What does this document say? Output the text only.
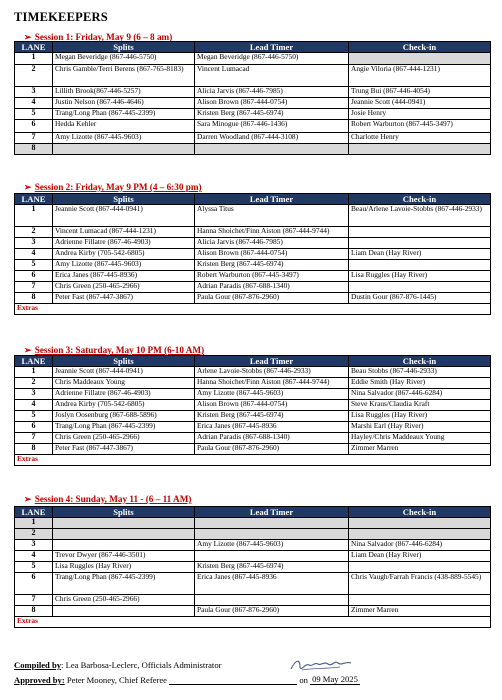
TIMEKEEPERS
➢ Session 1: Friday, May 9 (6 – 8 am)
LANE	Splits	Lead Timer	Check-in
1	Megan Beveridge (867-446-5750)	Megan Beveridge (867-446-5750)	
2	Chris Gamble/Terri Berens (867-765-8183)	Vincent Lumacad	Angie Viloria (867-444-1231)
3	Lillith Brook(867-446-5257)	Alicia Jarvis (867-446-7985)	Trung Bui (867-446-4054)
4	Justin Nelson (867-446-4646)	Alison Brown (867-444-0754)	Jeannie Scott (444-0941)
5	Trang/Long Phan (867-445-2399)	Kristen Berg (867-445-6974)	Josie Henry
6	Hedda Kehler	Sara Minogue (867-446-1436)	Robert Warburton (867-445-3497)
7	Amy Lizotte (867-445-9603)	Darren Woodland (867-444-3108)	Charlotte Henry
8			
➢ Session 2: Friday, May 9 PM (4 – 6:30 pm)
LANE	Splits	Lead Timer	Check-in
1	Jeannie Scott (867-444-0941)	Alyssa Titus	Beau/Arlene Lavoie-Stobbs (867-446-2933)
2	Vincent Lumacad (867-444-1231)	Hanna Shoichet/Finn Aiston (867-444-9744)	
3	Adrienne Fillatre (867-46-4903)	Alicia Jarvis (867-446-7985)	
4	Andrea Kirby (705-542-6805)	Alison Brown (867-444-0754)	Liam Dean (Hay River)
5	Amy Lizotte (867-445-9603)	Kristen Berg (867-445-6974)	
6	Erica Janes (867-445-8936)	Robert Warburton (867-445-3497)	Lisa Ruggles (Hay River)
7	Chris Green (250-465-2966)	Adrian Paradis (867-688-1340)	
8	Peter Fast (867-447-3867)	Paula Gour (867-876-2960)	Dustin Gour (867-876-1445)
Extras			
➢ Session 3: Saturday, May 10 PM (6-10 AM)
LANE	Splits	Lead Timer	Check-in
1	Jeannie Scott (867-444-0941)	Arlene Lavoie-Stobbs (867-446-2933)	Beau Stobbs (867-446-2933)
2	Chris Maddeaux Young	Hanna Shoichet/Finn Aiston (867-444-9744)	Eddie Smith (Hay River)
3	Adrienne Fillatre (867-46-4903)	Amy Lizotte (867-445-9603)	Nina Salvador (867-446-6284)
4	Andrea Kirby (705-542-6805)	Alison Brown (867-444-0754)	Steve Kraus/Claudia Kraft
5	Joslyn Oosenburg (867-688-5896)	Kristen Berg (867-445-6974)	Lisa Ruggles (Hay River)
6	Trang/Long Phan (867-445-2399)	Erica Janes (867-445-8936	Marshi Earl (Hay River)
7	Chris Green (250-465-2966)	Adrian Paradis (867-688-1340)	Hayley/Chris Maddeaux Young
8	Peter Fast (867-447-3867)	Paula Gour (867-876-2960)	Zimmer Marren
Extras			
➢ Session 4: Sunday, May 11 - (6 – 11 AM)
LANE	Splits	Lead Timer	Check-in
1			
2			
3		Amy Lizotte (867-445-9603)	Nina Salvador (867-446-6284)
4	Trevor Dwyer (867-446-3501)		Liam Dean (Hay River)
5	Lisa Ruggles (Hay River)	Kristen Berg (867-445-6974)	
6	Trang/Long Phan (867-445-2399)	Erica Janes (867-445-8936	Chris Vaugh/Farrah Francis (438-889-5545)
7	Chris Green (250-465-2966)		
8		Paula Gour (867-876-2960)	Zimmer Marren
Extras			
Compiled by: Lea Barbosa-Leclerc, Officials Administrator
Approved by: Peter Mooney, Chief Referee	on 09 May 2025
